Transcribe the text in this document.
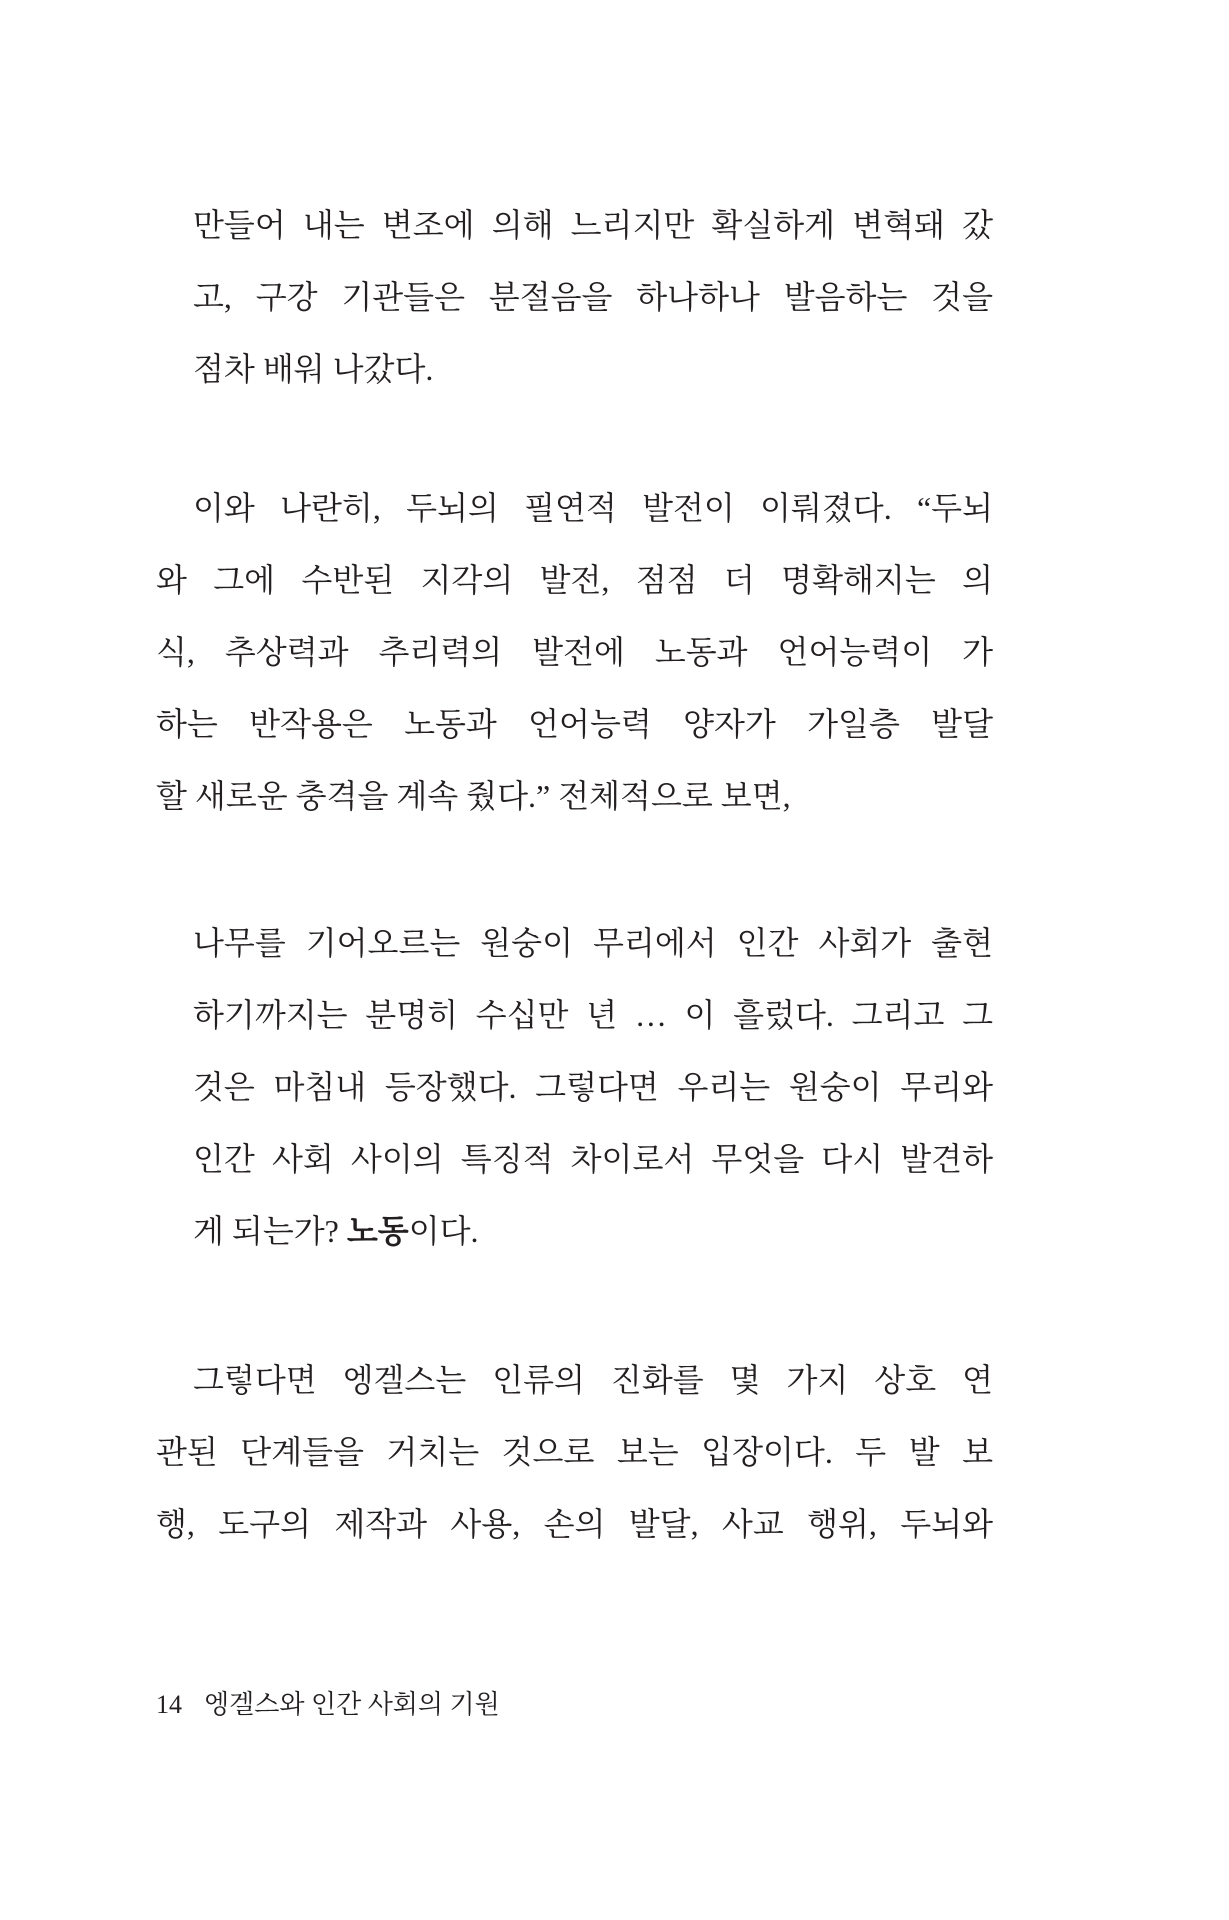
만들어 내는 변조에 의해 느리지만 확실하게 변혁돼 갔
고, 구강 기관들은 분절음을 하나하나 발음하는 것을
점차 배워 나갔다.
이와 나란히, 두뇌의 필연적 발전이 이뤄졌다. “두뇌
와 그에 수반된 지각의 발전, 점점 더 명확해지는 의
식, 추상력과 추리력의 발전에 노동과 언어능력이 가
하는 반작용은 노동과 언어능력 양자가 가일층 발달
할 새로운 충격을 계속 줬다.” 전체적으로 보면,
나무를 기어오르는 원숭이 무리에서 인간 사회가 출현
하기까지는 분명히 수십만 년 … 이 흘렀다. 그리고 그
것은 마침내 등장했다. 그렇다면 우리는 원숭이 무리와
인간 사회 사이의 특징적 차이로서 무엇을 다시 발견하
게 되는가? 노동이다.
그렇다면 엥겔스는 인류의 진화를 몇 가지 상호 연
관된 단계들을 거치는 것으로 보는 입장이다. 두 발 보
행, 도구의 제작과 사용, 손의 발달, 사교 행위, 두뇌와
14 엥겔스와 인간 사회의 기원
